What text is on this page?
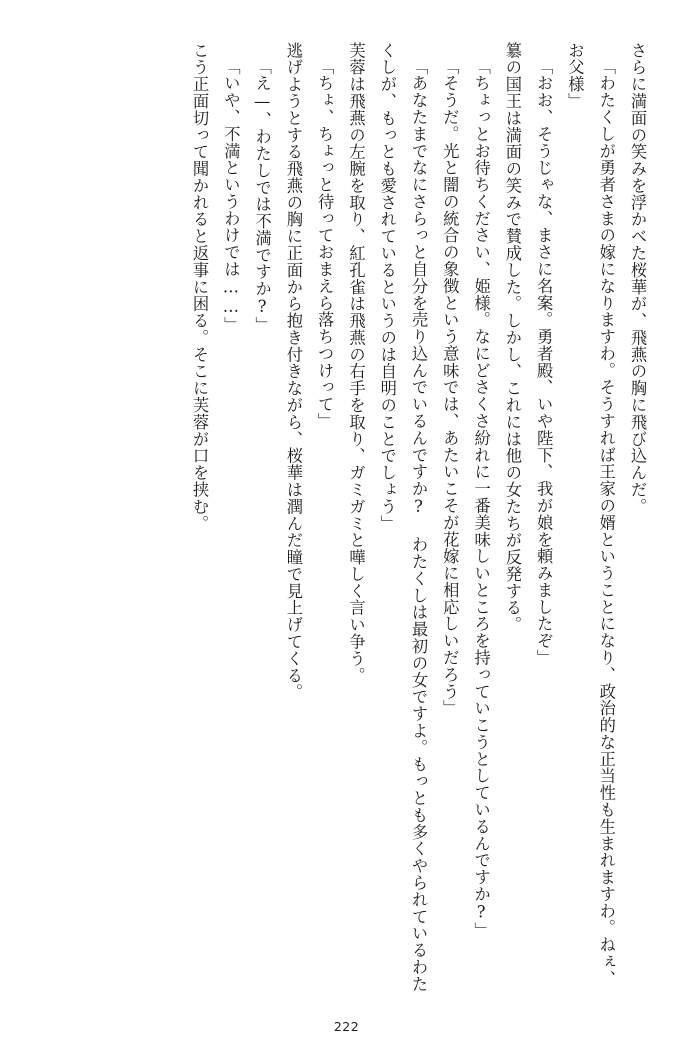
さらに満面の笑みを浮かべた桜華が、飛燕の胸に飛び込んだ。

「わたくしが勇者さまの嫁になりますわ。そうすれば王家の婿ということになり、政治的な正当性も生まれますわ。ねぇ、お父様」

「おお、そうじゃな、まさに名案。勇者殿、いや陛下、我が娘を頼みましたぞ」

簒の国王は満面の笑みで賛成した。しかし、これには他の女たちが反発する。

「ちょっとお待ちください、姫様。なにどさくさ紛れに一番美味しいところを持っていこうとしているんですか?」

「そうだ。光と闇の統合の象徴という意味では、あたいこそが花嫁に相応しいだろう」

「あなたまでなにさらっと自分を売り込んでいるんですか? わたくしは最初の女ですよ。もっとも多くやられているわたくしが、もっとも愛されているというのは自明のことでしょう」

芙蓉は飛燕の左腕を取り、紅孔雀は飛燕の右手を取り、ガミガミと嘩しく言い争う。

「ちょ、ちょっと待っておまえら落ちつけって」

逃げようとする飛燕の胸に正面から抱き付きながら、桜華は潤んだ瞳で見上げてくる。

「え—、わたしでは不満ですか?」

「いや、不満というわけでは……」

こう正面切って聞かれると返事に困る。そこに芙蓉が口を挟む。

222
